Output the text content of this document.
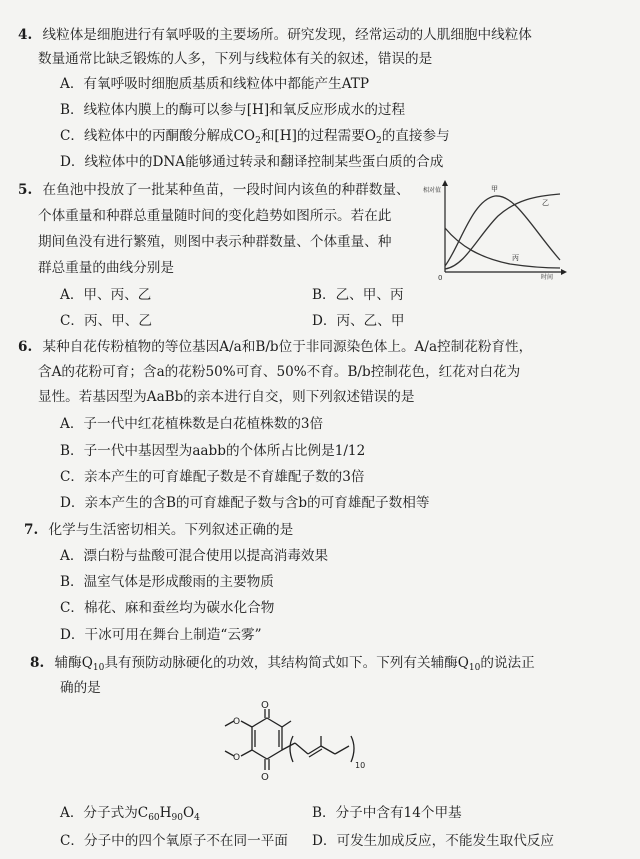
4. 线粒体是细胞进行有氧呼吸的主要场所。研究发现，经常运动的人肌细胞中线粒体
数量通常比缺乏锻炼的人多，下列与线粒体有关的叙述，错误的是
A．有氧呼吸时细胞质基质和线粒体中都能产生ATP
B．线粒体内膜上的酶可以参与[H]和氧反应形成水的过程
C．线粒体中的丙酮酸分解成$CO_2$和[H]的过程需要$O_2$的直接参与
D．线粒体中的DNA能够通过转录和翻译控制某些蛋白质的合成
5. 在鱼池中投放了一批某种鱼苗，一段时间内该鱼的种群数量、
个体重量和种群总重量随时间的变化趋势如图所示。若在此
期间鱼没有进行繁殖，则图中表示种群数量、个体重量、种
群总重量的曲线分别是
A．甲、丙、乙	B．乙、甲、丙
C．丙、甲、乙	D．丙、乙、甲
相对值
时间
0
甲
乙
丙
6. 某种自花传粉植物的等位基因A/a和B/b位于非同源染色体上。A/a控制花粉育性，
含A的花粉可育；含a的花粉50%可育、50%不育。B/b控制花色，红花对白花为
显性。若基因型为AaBb的亲本进行自交，则下列叙述错误的是
A．子一代中红花植株数是白花植株数的3倍
B．子一代中基因型为aabb的个体所占比例是1/12
C．亲本产生的可育雄配子数是不育雄配子数的3倍
D．亲本产生的含B的可育雄配子数与含b的可育雄配子数相等
7. 化学与生活密切相关。下列叙述正确的是
A．漂白粉与盐酸可混合使用以提高消毒效果
B．温室气体是形成酸雨的主要物质
C．棉花、麻和蚕丝均为碳水化合物
D．干冰可用在舞台上制造“云雾”
8. 辅酶$Q_{10}$具有预防动脉硬化的功效，其结构简式如下。下列有关辅酶$Q_{10}$的说法正
确的是
O
O
O
O
10
A．分子式为$C_{60}H_{90}O_4$	B．分子中含有14个甲基
C．分子中的四个氧原子不在同一平面 D．可发生加成反应，不能发生取代反应
